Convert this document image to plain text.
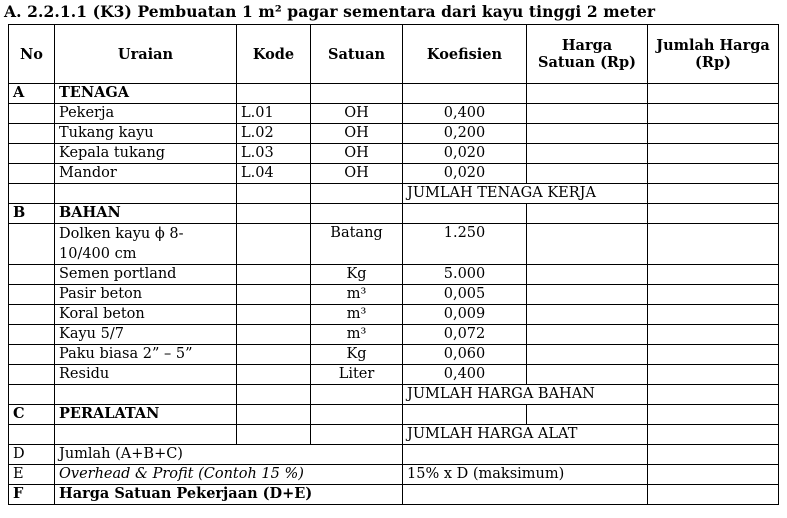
A. 2.2.1.1 (K3) Pembuatan 1 m² pagar sementara dari kayu tinggi 2 meter
No	Uraian	Kode	Satuan	Koefisien	Harga Satuan (Rp)	Jumlah Harga (Rp)
A	TENAGA					
	Pekerja	L.01	OH	0,400		
	Tukang kayu	L.02	OH	0,200		
	Kepala tukang	L.03	OH	0,020		
	Mandor	L.04	OH	0,020		
				JUMLAH TENAGA KERJA		
B	BAHAN					
	Dolken kayu ϕ 8-10/400 cm		Batang	1.250		
	Semen portland		Kg	5.000		
	Pasir beton		m³	0,005		
	Koral beton		m³	0,009		
	Kayu 5/7		m³	0,072		
	Paku biasa 2” – 5”		Kg	0,060		
	Residu		Liter	0,400		
				JUMLAH HARGA BAHAN		
C	PERALATAN					
				JUMLAH HARGA ALAT		
D	Jumlah (A+B+C)					
E	Overhead & Profit (Contoh 15 %)			15% x D (maksimum)		
F	Harga Satuan Pekerjaan (D+E)					
